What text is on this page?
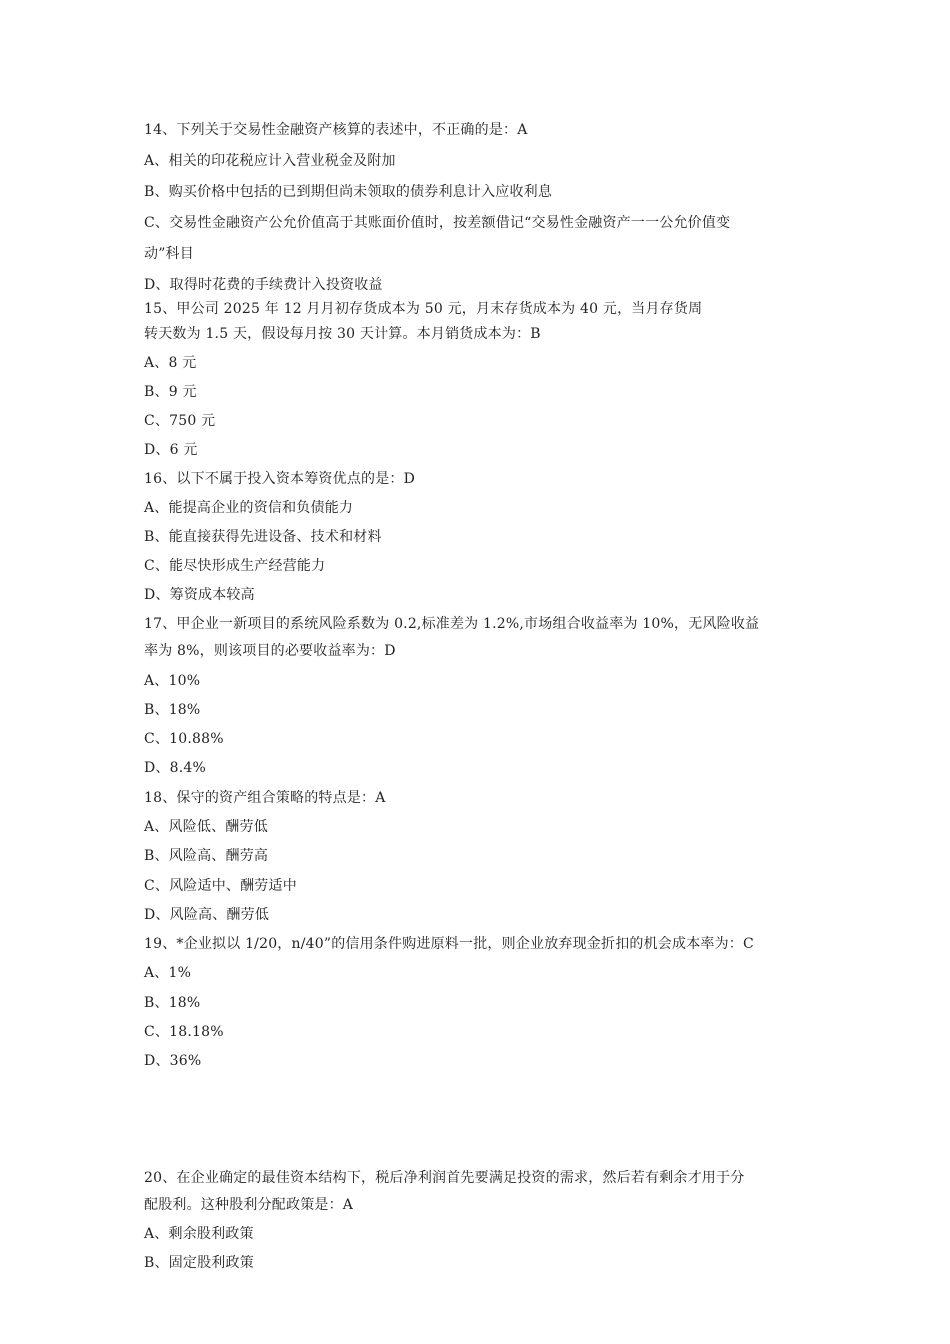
14、下列关于交易性金融资产核算的表述中，不正确的是：A
A、相关的印花税应计入营业税金及附加
B、购买价格中包括的已到期但尚未领取的债券利息计入应收利息
C、交易性金融资产公允价值高于其账面价值时，按差额借记“交易性金融资产一一公允价值变
动”科目
D、取得时花费的手续费计入投资收益
15、甲公司 2025 年 12 月月初存货成本为 50 元，月末存货成本为 40 元，当月存货周
转天数为 1.5 天，假设每月按 30 天计算。本月销货成本为：B
A、8 元
B、9 元
C、750 元
D、6 元
16、以下不属于投入资本筹资优点的是：D
A、能提高企业的资信和负债能力
B、能直接获得先进设备、技术和材料
C、能尽快形成生产经营能力
D、筹资成本较高
17、甲企业一新项目的系统风险系数为 0.2,标准差为 1.2%,市场组合收益率为 10%，无风险收益
率为 8%，则该项目的必要收益率为：D
A、10%
B、18%
C、10.88%
D、8.4%
18、保守的资产组合策略的特点是：A
A、风险低、酬劳低
B、风险高、酬劳高
C、风险适中、酬劳适中
D、风险高、酬劳低
19、*企业拟以 1/20，n/40”的信用条件购进原料一批，则企业放弃现金折扣的机会成本率为：C
A、1%
B、18%
C、18.18%
D、36%
20、在企业确定的最佳资本结构下，税后净利润首先要满足投资的需求，然后若有剩余才用于分
配股利。这种股利分配政策是：A
A、剩余股利政策
B、固定股利政策
